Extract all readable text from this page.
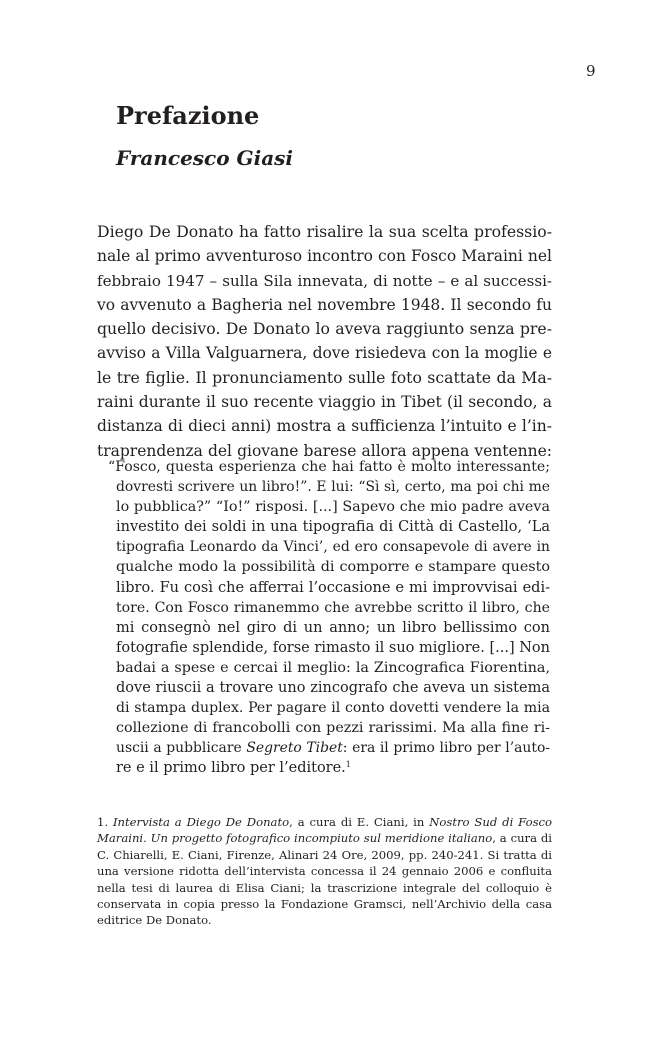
9
Prefazione
Francesco Giasi
Diego De Donato ha fatto risalire la sua scelta professio-
nale al primo avventuroso incontro con Fosco Maraini nel
febbraio 1947 – sulla Sila innevata, di notte – e al successi-
vo avvenuto a Bagheria nel novembre 1948. Il secondo fu
quello decisivo. De Donato lo aveva raggiunto senza pre-
avviso a Villa Valguarnera, dove risiedeva con la moglie e
le tre figlie. Il pronunciamento sulle foto scattate da Ma-
raini durante il suo recente viaggio in Tibet (il secondo, a
distanza di dieci anni) mostra a sufficienza l’intuito e l’in-
traprendenza del giovane barese allora appena ventenne:
“Fosco, questa esperienza che hai fatto è molto interessante;
dovresti scrivere un libro!”. E lui: “Sì sì, certo, ma poi chi me
lo pubblica?” “Io!” risposi. [...] Sapevo che mio padre aveva
investito dei soldi in una tipografia di Città di Castello, ‘La
tipografia Leonardo da Vinci’, ed ero consapevole di avere in
qualche modo la possibilità di comporre e stampare questo
libro. Fu così che afferrai l’occasione e mi improvvisai edi-
tore. Con Fosco rimanemmo che avrebbe scritto il libro, che
mi consegnò nel giro di un anno; un libro bellissimo con
fotografie splendide, forse rimasto il suo migliore. [...] Non
badai a spese e cercai il meglio: la Zincografica Fiorentina,
dove riuscii a trovare uno zincografo che aveva un sistema
di stampa duplex. Per pagare il conto dovetti vendere la mia
collezione di francobolli con pezzi rarissimi. Ma alla fine ri-
uscii a pubblicare Segreto Tibet: era il primo libro per l’auto-
re e il primo libro per l’editore.$^1$
1. Intervista a Diego De Donato, a cura di E. Ciani, in Nostro Sud di Fosco
Maraini. Un progetto fotografico incompiuto sul meridione italiano, a cura di
C. Chiarelli, E. Ciani, Firenze, Alinari 24 Ore, 2009, pp. 240-241. Si tratta di
una versione ridotta dell’intervista concessa il 24 gennaio 2006 e confluita
nella tesi di laurea di Elisa Ciani; la trascrizione integrale del colloquio è
conservata in copia presso la Fondazione Gramsci, nell’Archivio della casa
editrice De Donato.
